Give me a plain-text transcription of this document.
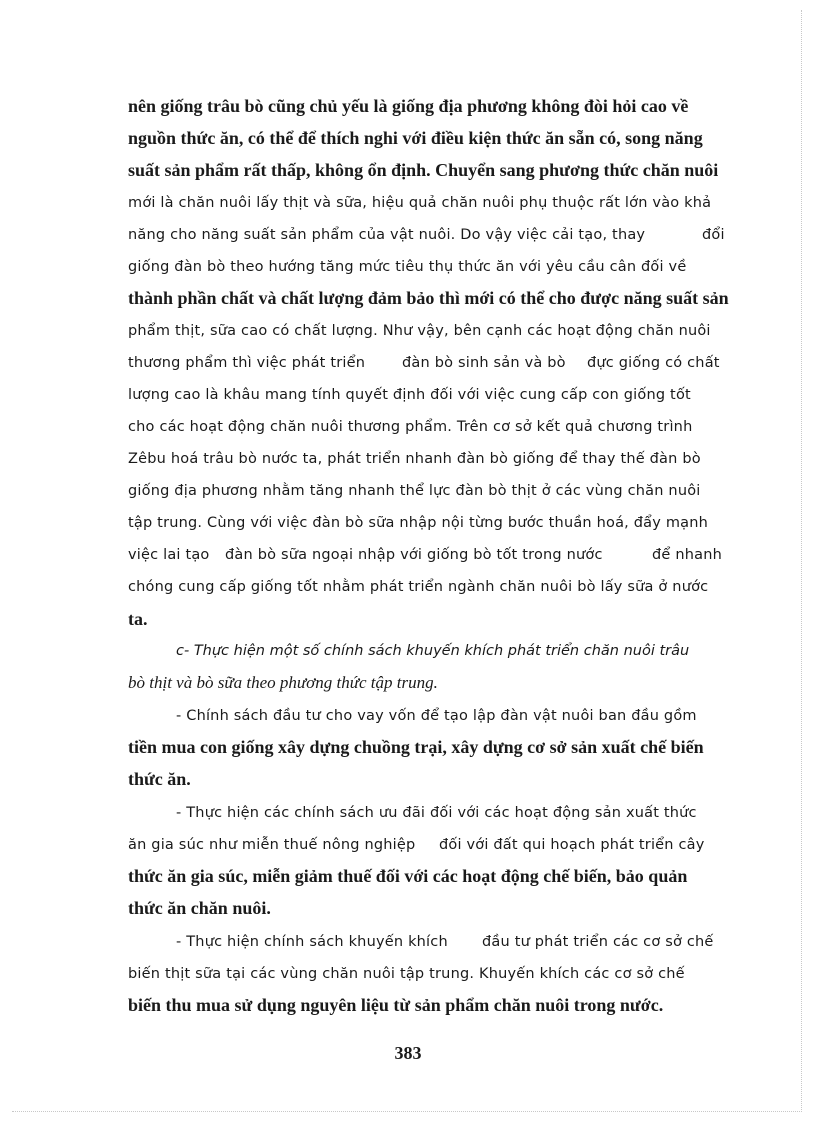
nên giống trâu bò cũng chủ yếu là giống địa phương không đòi hỏi cao về
nguồn thức ăn, có thể để thích nghi với điều kiện thức ăn sẵn có, song năng
suất sản phẩm rất thấp, không ổn định. Chuyển sang phương thức chăn nuôi
mới là chăn nuôi lấy thịt và sữa, hiệu quả chăn nuôi phụ thuộc rất lớn vào khả
năng cho năng suất sản phẩm của vật nuôi. Do vậy việc cải tạo, thay	đổi
giống đàn bò theo hướng tăng mức tiêu thụ thức ăn với yêu cầu cân đối về
thành phần chất và chất lượng đảm bảo thì mới có thể cho được năng suất sản
phẩm thịt, sữa cao có chất lượng. Như vậy, bên cạnh các hoạt động chăn nuôi
thương phẩm thì việc phát triển	đàn bò sinh sản và bò đực giống có chất
lượng cao là khâu mang tính quyết định đối với việc cung cấp con giống tốt
cho các hoạt động chăn nuôi thương phẩm. Trên cơ sở kết quả chương trình
Zêbu hoá trâu bò nước ta, phát triển nhanh đàn bò giống để thay thế đàn bò
giống địa phương nhằm tăng nhanh thể lực đàn bò thịt ở các vùng chăn nuôi
tập trung. Cùng với việc đàn bò sữa nhập nội từng bước thuần hoá, đẩy mạnh
việc lai tạo đàn bò sữa ngoại nhập với giống bò tốt trong nước	để nhanh
chóng cung cấp giống tốt nhằm phát triển ngành chăn nuôi bò lấy sữa ở nước
ta.
c- Thực hiện một số chính sách khuyến khích phát triển chăn nuôi trâu
bò thịt và bò sữa theo phương thức tập trung.
- Chính sách đầu tư cho vay vốn để tạo lập đàn vật nuôi ban đầu gồm
tiền mua con giống xây dựng chuồng trại, xây dựng cơ sở sản xuất chế biến
thức ăn.
- Thực hiện các chính sách ưu đãi đối với các hoạt động sản xuất thức
ăn gia súc như miễn thuế nông nghiệp đối với đất qui hoạch phát triển cây
thức ăn gia súc, miễn giảm thuế đối với các hoạt động chế biến, bảo quản
thức ăn chăn nuôi.
- Thực hiện chính sách khuyến khích đầu tư phát triển các cơ sở chế
biến thịt sữa tại các vùng chăn nuôi tập trung. Khuyến khích các cơ sở chế
biến thu mua sử dụng nguyên liệu từ sản phẩm chăn nuôi trong nước.
383
